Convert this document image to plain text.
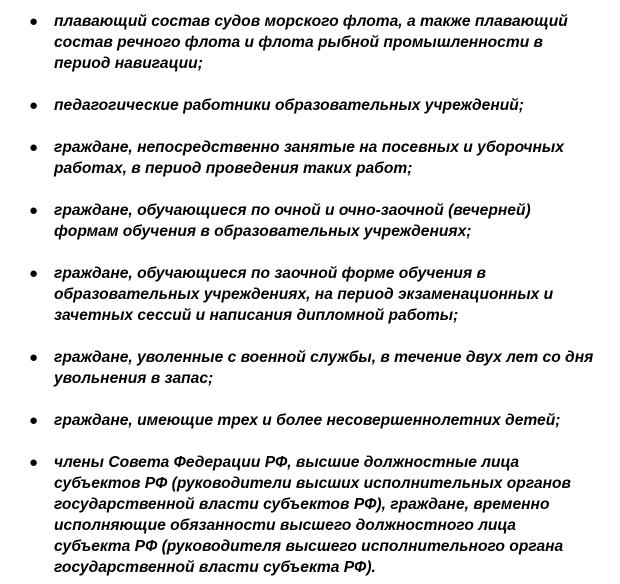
● плавающий состав судов морского флота, а также плавающий
состав речного флота и флота рыбной промышленности в
период навигации;
● педагогические работники образовательных учреждений;
● граждане, непосредственно занятые на посевных и уборочных
работах, в период проведения таких работ;
● граждане, обучающиеся по очной и очно-заочной (вечерней)
формам обучения в образовательных учреждениях;
● граждане, обучающиеся по заочной форме обучения в
образовательных учреждениях, на период экзаменационных и
зачетных сессий и написания дипломной работы;
● граждане, уволенные с военной службы, в течение двух лет со дня
увольнения в запас;
● граждане, имеющие трех и более несовершеннолетних детей;
● члены Совета Федерации РФ, высшие должностные лица
субъектов РФ (руководители высших исполнительных органов
государственной власти субъектов РФ), граждане, временно
исполняющие обязанности высшего должностного лица
субъекта РФ (руководителя высшего исполнительного органа
государственной власти субъекта РФ).
